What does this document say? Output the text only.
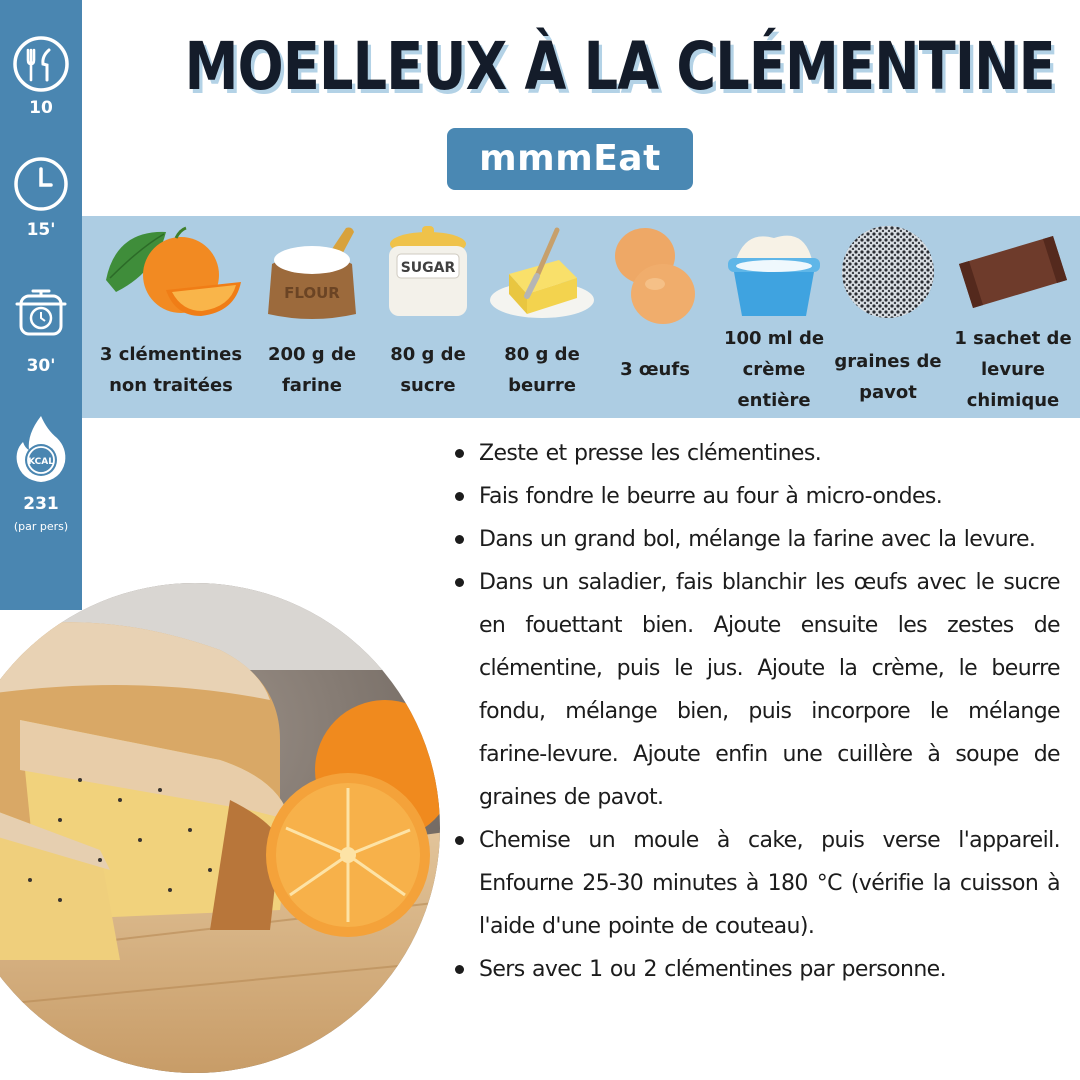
10
15'
30'
KCAL
231
(par pers)
MOELLEUX À LA CLÉMENTINE
mmmEat
3 clémentines
non traitées
FLOUR
200 g de
farine
SUGAR
80 g de
sucre
80 g de
beurre
3 œufs
100 ml de
crème
entière
graines de
pavot
1 sachet de
levure
chimique
Zeste et presse les clémentines.
Fais fondre le beurre au four à micro-ondes.
Dans un grand bol, mélange la farine avec la levure.
Dans un saladier, fais blanchir les œufs avec le sucre en fouettant bien. Ajoute ensuite les zestes de clémentine, puis le jus. Ajoute la crème, le beurre fondu, mélange bien, puis incorpore le mélange farine-levure. Ajoute enfin une cuillère à soupe de graines de pavot.
Chemise un moule à cake, puis verse l'appareil. Enfourne 25-30 minutes à 180 °C (vérifie la cuisson à l'aide d'une pointe de couteau).
Sers avec 1 ou 2 clémentines par personne.
